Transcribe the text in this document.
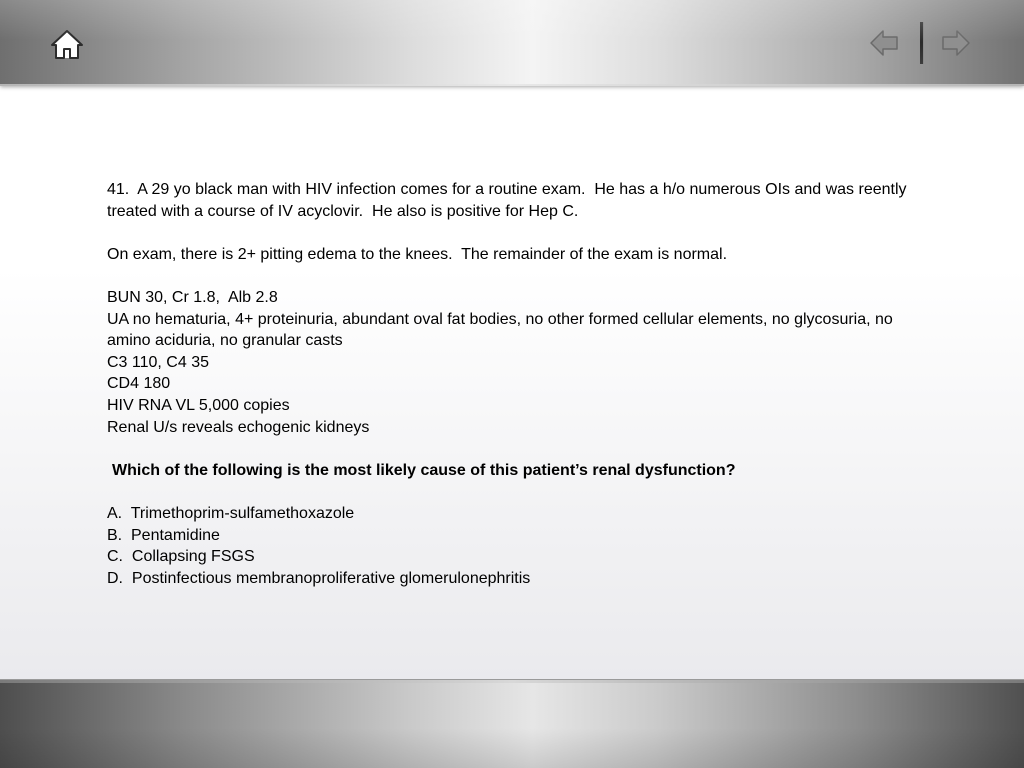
41.  A 29 yo black man with HIV infection comes for a routine exam.  He has a h/o numerous OIs and was reently treated with a course of IV acyclovir.  He also is positive for Hep C.

On exam, there is 2+ pitting edema to the knees.  The remainder of the exam is normal.

BUN 30, Cr 1.8,  Alb 2.8

UA no hematuria, 4+ proteinuria, abundant oval fat bodies, no other formed cellular elements, no glycosuria, no amino aciduria, no granular casts

C3 110, C4 35

CD4 180

HIV RNA VL 5,000 copies

Renal U/s reveals echogenic kidneys

Which of the following is the most likely cause of this patient’s renal dysfunction?

A.  Trimethoprim-sulfamethoxazole

B.  Pentamidine

C.  Collapsing FSGS

D.  Postinfectious membranoproliferative glomerulonephritis
